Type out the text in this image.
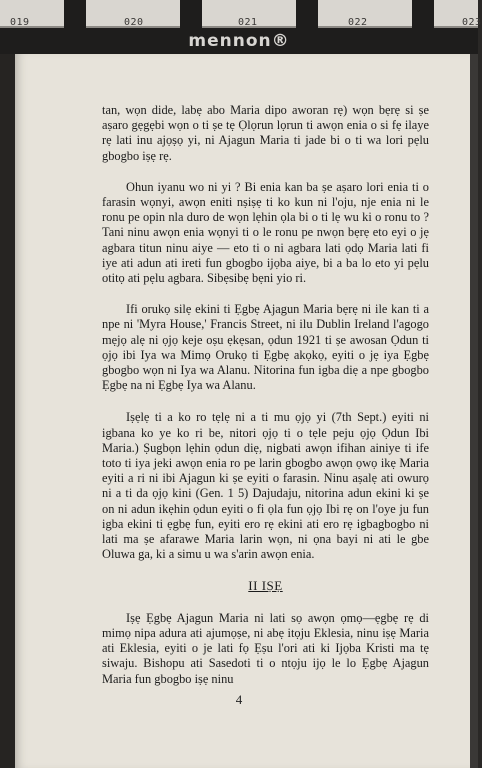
019	020	021	022	023
mennon®

tan, wọn dide, labẹ abo Maria dipo aworan rẹ) wọn bẹrẹ si ṣe aṣaro gẹgẹbi wọn o ti ṣe tẹ Ọlọrun lọrun ti awọn enia o si fẹ ilaye rẹ lati inu ajọṣọ yi, ni Ajagun Maria ti jade bi o ti wa lori pẹlu gbogbo iṣẹ rẹ.

Ohun iyanu wo ni yi ? Bi enia kan ba ṣe aṣaro lori enia ti o farasin wọnyi, awọn eniti nṣiṣẹ ti ko kun ni l'oju, nje enia ni le ronu pe opin nla duro de wọn lẹhin ọla bi o ti lẹ wu ki o ronu to ? Tani ninu awọn enia wọnyi ti o le ronu pe nwọn bẹrẹ eto eyi o jẹ agbara titun ninu aiye — eto ti o ni agbara lati ọdọ Maria lati fi iye ati adun ati ireti fun gbogbo ijọba aiye, bi a ba lo eto yi pẹlu otitọ ati pẹlu agbara. Sibẹsibẹ bẹni yio ri.

Ifi orukọ silẹ ekini ti Ẹgbẹ Ajagun Maria bẹrẹ ni ile kan ti a npe ni 'Myra House,' Francis Street, ni ilu Dublin Ireland l'agogo mẹjọ alẹ ni ọjọ keje oṣu ẹkẹsan, ọdun 1921 ti ṣe awosan Ọdun ti ọjọ ibi Iya wa Mimọ Orukọ ti Ẹgbẹ akọkọ, eyiti o jẹ iya Ẹgbẹ gbogbo wọn ni Iya wa Alanu. Nitorina fun igba diẹ a npe gbogbo Ẹgbẹ na ni Ẹgbẹ Iya wa Alanu.

Iṣẹlẹ ti a ko ro tẹlẹ ni a ti mu ọjọ yi (7th Sept.) eyiti ni igbana ko ye ko ri be, nitori ọjọ ti o tẹle peju ọjọ Ọdun Ibi Maria.) Ṣugbọn lẹhin ọdun diẹ, nigbati awọn ifihan ainiye ti ife toto ti iya jeki awọn enia ro pe larin gbogbo awọn ọwọ ikẹ Maria eyiti a ri ni ibi Ajagun ki ṣe eyiti o farasin. Ninu aṣalẹ ati owurọ ni a ti da ọjọ kini (Gen. 1 5) Dajudaju, nitorina adun ekini ki ṣe on ni adun ikẹhin ọdun eyiti o fi ọla fun ọjọ Ibi rẹ on l'oye ju fun igba ekini ti ẹgbẹ fun, eyiti ero rẹ ekini ati ero rẹ igbagbogbo ni lati ma ṣe afarawe Maria larin wọn, ni ọna bayi ni ati le gbe Oluwa ga, ki a simu u wa s'arin awọn enia.

II IṢẸ

Iṣẹ Ẹgbẹ Ajagun Maria ni lati sọ awọn ọmọ—ẹgbẹ rẹ di mimọ nipa adura ati ajumọṣe, ni abẹ itọju Eklesia, ninu iṣẹ Maria ati Eklesia, eyiti o je lati fọ Ẹṣu l'ori ati ki Ijọba Kristi ma tẹ siwaju. Bishopu ati Sasedoti ti o ntọju ijọ le lo Ẹgbẹ Ajagun Maria fun gbogbo iṣẹ ninu

4
